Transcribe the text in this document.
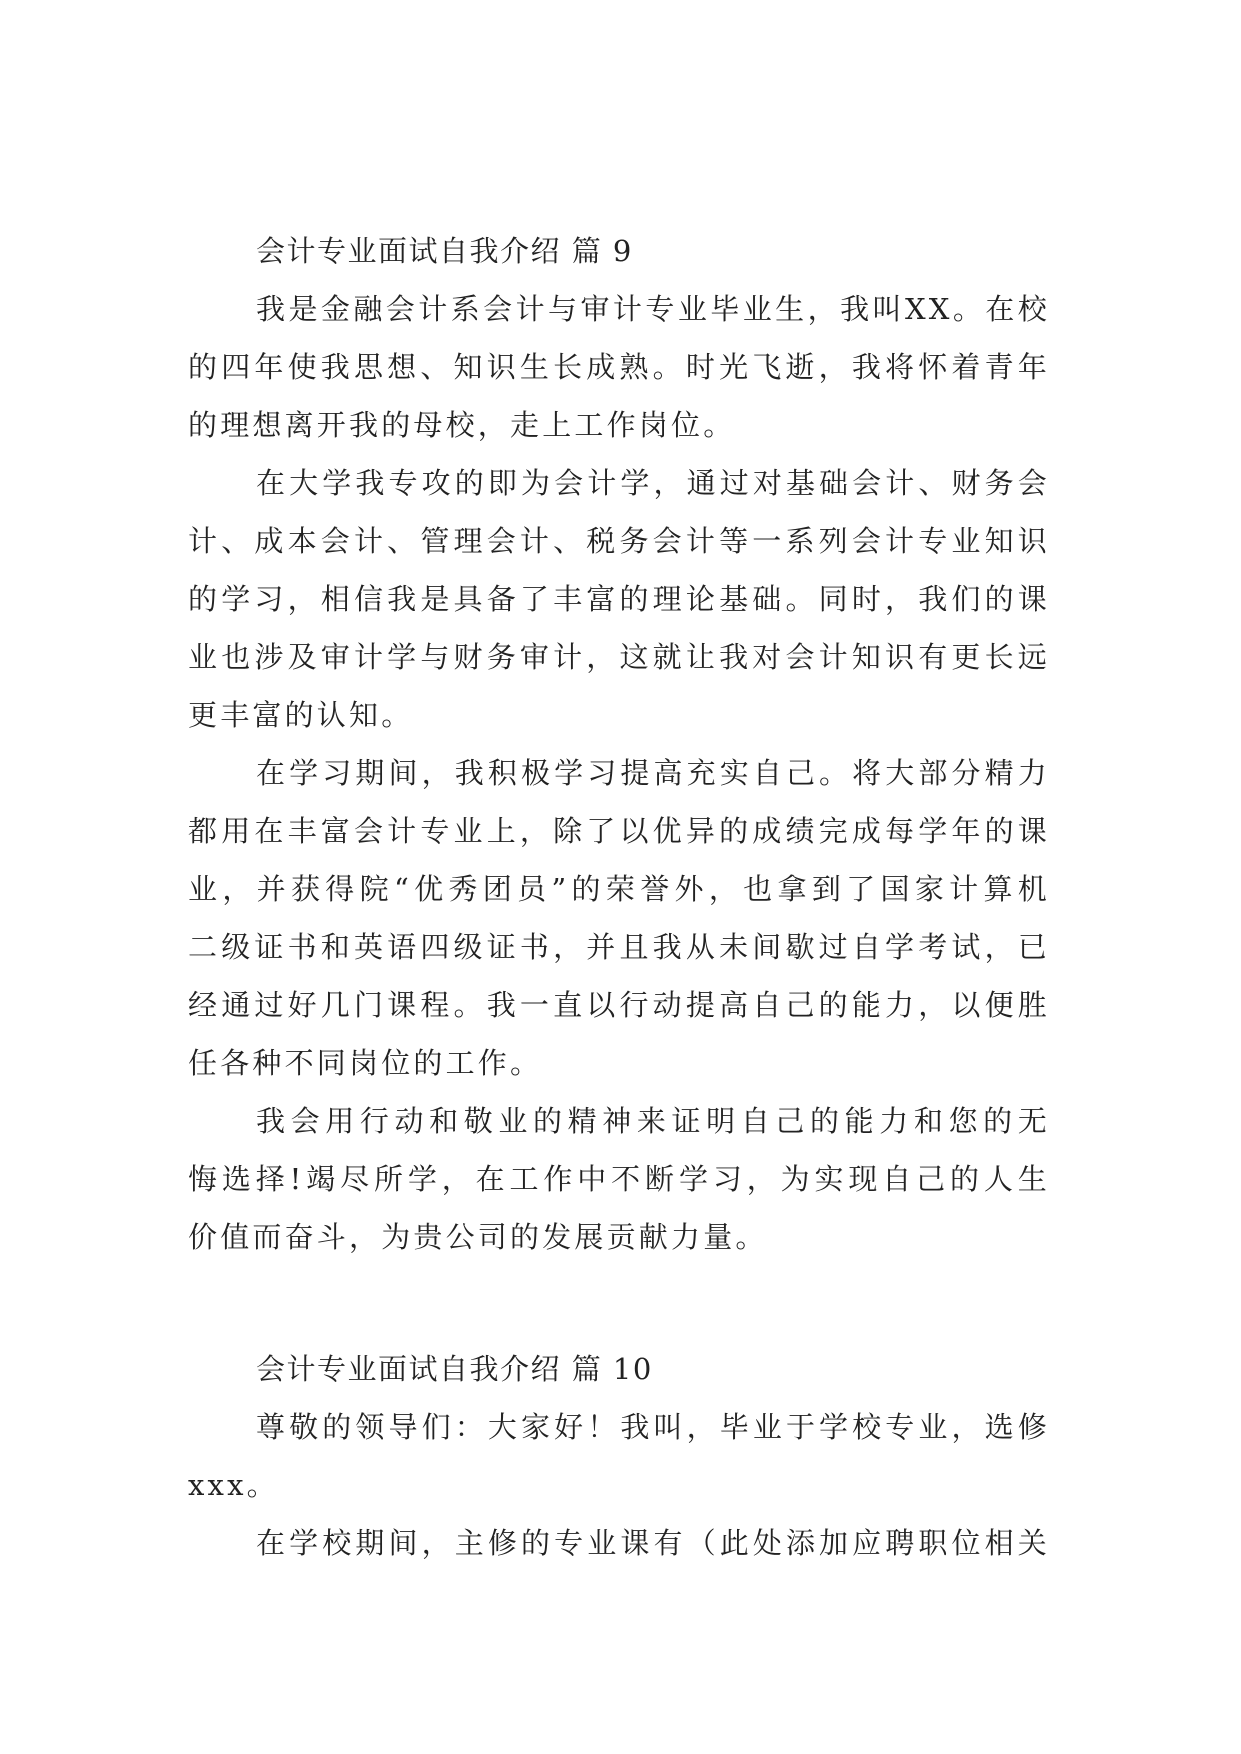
会计专业面试自我介绍 篇 9
我是金融会计系会计与审计专业毕业生，我叫XX。在校
的四年使我思想、知识生长成熟。时光飞逝，我将怀着青年
的理想离开我的母校，走上工作岗位。
在大学我专攻的即为会计学，通过对基础会计、财务会
计、成本会计、管理会计、税务会计等一系列会计专业知识
的学习，相信我是具备了丰富的理论基础。同时，我们的课
业也涉及审计学与财务审计，这就让我对会计知识有更长远
更丰富的认知。
在学习期间，我积极学习提高充实自己。将大部分精力
都用在丰富会计专业上，除了以优异的成绩完成每学年的课
业，并获得院“优秀团员”的荣誉外，也拿到了国家计算机
二级证书和英语四级证书，并且我从未间歇过自学考试，已
经通过好几门课程。我一直以行动提高自己的能力，以便胜
任各种不同岗位的工作。
我会用行动和敬业的精神来证明自己的能力和您的无
悔选择!竭尽所学，在工作中不断学习，为实现自己的人生
价值而奋斗，为贵公司的发展贡献力量。
会计专业面试自我介绍 篇 10
尊敬的领导们：大家好！我叫，毕业于学校专业，选修
xxx。
在学校期间，主修的专业课有（此处添加应聘职位相关
